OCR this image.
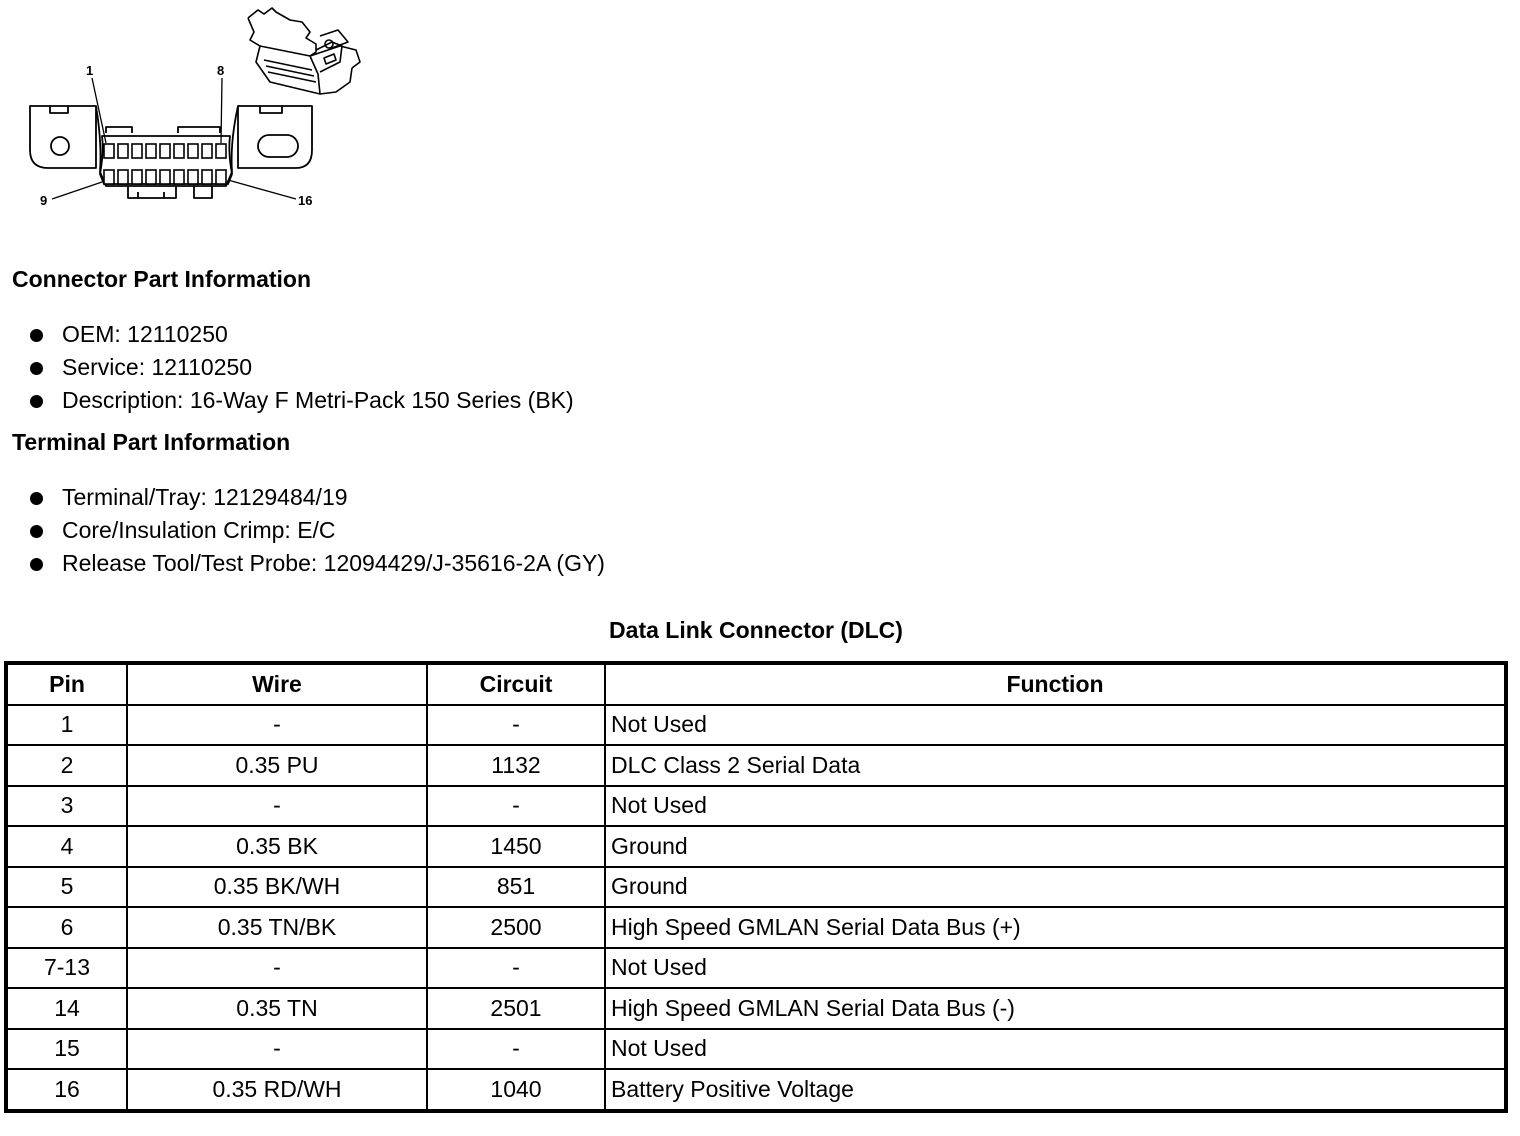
1	8
9	16
Connector Part Information
OEM: 12110250
Service: 12110250
Description: 16-Way F Metri-Pack 150 Series (BK)
Terminal Part Information
Terminal/Tray: 12129484/19
Core/Insulation Crimp: E/C
Release Tool/Test Probe: 12094429/J-35616-2A (GY)
Data Link Connector (DLC)
Pin	Wire	Circuit	Function
1	-	-	Not Used
2	0.35 PU	1132	DLC Class 2 Serial Data
3	-	-	Not Used
4	0.35 BK	1450	Ground
5	0.35 BK/WH	851	Ground
6	0.35 TN/BK	2500	High Speed GMLAN Serial Data Bus (+)
7-13	-	-	Not Used
14	0.35 TN	2501	High Speed GMLAN Serial Data Bus (-)
15	-	-	Not Used
16	0.35 RD/WH	1040	Battery Positive Voltage
